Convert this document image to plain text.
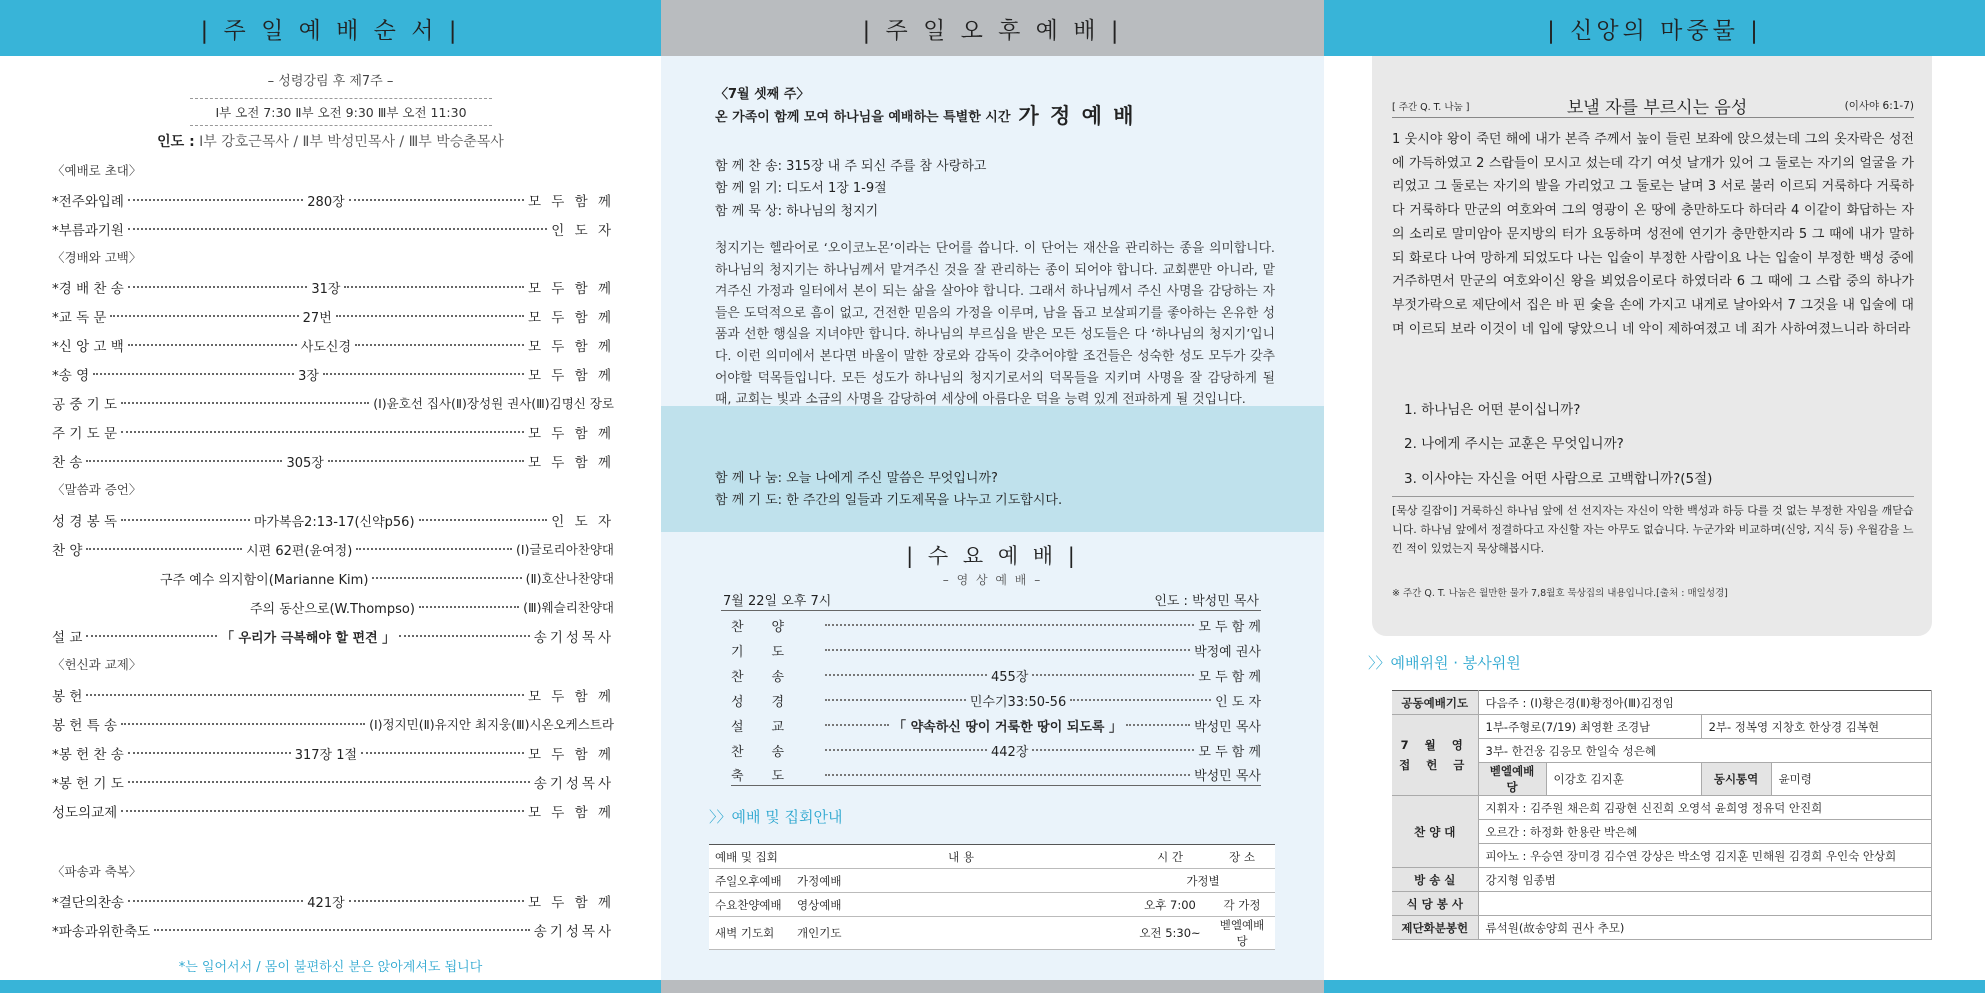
| 주 일 예 배 순 서 |
– 성령강림 후 제7주 –
Ⅰ부 오전 7:30 Ⅱ부 오전 9:30 Ⅲ부 오전 11:30
인도 : Ⅰ부 강호근목사 / Ⅱ부 박성민목사 / Ⅲ부 박승춘목사
〈예배로 초대〉
*전주와입례	280장	모 두 함 께
*부름과기원	인 도 자
〈경배와 고백〉
*경 배 찬 송	31장	모 두 함 께
*교 독 문	27번	모 두 함 께
*신 앙 고 백	사도신경	모 두 함 께
*송 영	3장	모 두 함 께
공 중 기 도	(Ⅰ)윤호선 집사(Ⅱ)장성원 권사(Ⅲ)김명신 장로
주 기 도 문	모 두 함 께
찬 송	305장	모 두 함 께
〈말씀과 증언〉
성 경 봉 독	마가복음2:13-17(신약p56)	인 도 자
찬 양	시편 62편(윤여정)	(Ⅰ)글로리아찬양대
구주 예수 의지함이(Marianne Kim)	(Ⅱ)호산나찬양대
주의 동산으로(W.Thompso)	(Ⅲ)웨슬리찬양대
설 교	「 우리가 극복해야 할 편견 」	송기성목사
〈헌신과 교제〉
봉 헌	모 두 함 께
봉 헌 특 송	(Ⅰ)정지민(Ⅱ)유지안 최지웅(Ⅲ)시온오케스트라
*봉 헌 찬 송	317장 1절	모 두 함 께
*봉 헌 기 도	송기성목사
성도의교제	모 두 함 께
〈파송과 축복〉
*결단의찬송	421장	모 두 함 께
*파송과위한축도	송기성목사
*는 일어서서 / 몸이 불편하신 분은 앉아계셔도 됩니다
| 주 일 오 후 예 배 |
〈7월 셋째 주〉
온 가족이 함께 모여 하나님을 예배하는 특별한 시간 가 정 예 배
함 께 찬 송: 315장 내 주 되신 주를 참 사랑하고
함 께 읽 기: 디도서 1장 1-9절
함 께 묵 상: 하나님의 청지기
청지기는 헬라어로 ‘오이코노몬’이라는 단어를 씁니다. 이 단어는 재산을 관리하는 종을 의미합니다. 하나님의 청지기는 하나님께서 맡겨주신 것을 잘 관리하는 종이 되어야 합니다. 교회뿐만 아니라, 맡겨주신 가정과 일터에서 본이 되는 삶을 살아야 합니다. 그래서 하나님께서 주신 사명을 감당하는 자들은 도덕적으로 흠이 없고, 건전한 믿음의 가정을 이루며, 남을 돕고 보살피기를 좋아하는 온유한 성품과 선한 행실을 지녀야만 합니다. 하나님의 부르심을 받은 모든 성도들은 다 ‘하나님의 청지기’입니다. 이런 의미에서 본다면 바울이 말한 장로와 감독이 갖추어야할 조건들은 성숙한 성도 모두가 갖추어야할 덕목들입니다. 모든 성도가 하나님의 청지기로서의 덕목들을 지키며 사명을 잘 감당하게 될 때, 교회는 빛과 소금의 사명을 감당하여 세상에 아름다운 덕을 능력 있게 전파하게 될 것입니다.
함 께 나 눔: 오늘 나에게 주신 말씀은 무엇입니까?
함 께 기 도: 한 주간의 일들과 기도제목을 나누고 기도합시다.
| 수 요 예 배 |
– 영 상 예 배 –
7월 22일 오후 7시	인도 : 박성민 목사
찬양	모 두 함 께
기도	박정예 권사
찬송	455장	모 두 함 께
성경	민수기33:50-56	인 도 자
설교	「 약속하신 땅이 거룩한 땅이 되도록 」	박성민 목사
찬송	442장	모 두 함 께
축도	박성민 목사
〉〉예배 및 집회안내
예배 및 집회	내 용	시 간	장 소
주일오후예배	가정예배	가정별	
수요찬양예배	영상예배	오후 7:00	각 가정
새벽 기도회	개인기도	오전 5:30~	벧엘예배당
| 신앙의 마중물 |
[ 주간 Q. T. 나눔 ]	보낼 자를 부르시는 음성	(이사야 6:1-7)
1 웃시야 왕이 죽던 해에 내가 본즉 주께서 높이 들린 보좌에 앉으셨는데 그의 옷자락은 성전에 가득하였고 2 스랍들이 모시고 섰는데 각기 여섯 날개가 있어 그 둘로는 자기의 얼굴을 가리었고 그 둘로는 자기의 발을 가리었고 그 둘로는 날며 3 서로 불러 이르되 거룩하다 거룩하다 거룩하다 만군의 여호와여 그의 영광이 온 땅에 충만하도다 하더라 4 이같이 화답하는 자의 소리로 말미암아 문지방의 터가 요동하며 성전에 연기가 충만한지라 5 그 때에 내가 말하되 화로다 나여 망하게 되었도다 나는 입술이 부정한 사람이요 나는 입술이 부정한 백성 중에 거주하면서 만군의 여호와이신 왕을 뵈었음이로다 하였더라 6 그 때에 그 스랍 중의 하나가 부젓가락으로 제단에서 집은 바 핀 숯을 손에 가지고 내게로 날아와서 7 그것을 내 입술에 대며 이르되 보라 이것이 네 입에 닿았으니 네 악이 제하여졌고 네 죄가 사하여졌느니라 하더라
1. 하나님은 어떤 분이십니까?
2. 나에게 주시는 교훈은 무엇입니까?
3. 이사야는 자신을 어떤 사람으로 고백합니까?(5절)
[묵상 길잡이] 거룩하신 하나님 앞에 선 선지자는 자신이 악한 백성과 하등 다를 것 없는 부정한 자임을 깨닫습니다. 하나님 앞에서 정결하다고 자신할 자는 아무도 없습니다. 누군가와 비교하며(신앙, 지식 등) 우월감을 느낀 적이 있었는지 묵상해봅시다.
※ 주간 Q. T. 나눔은 월만한 물가 7,8월호 묵상집의 내용입니다.[출처 : 매일성경]
〉〉예배위원 · 봉사위원
공동예배기도	다음주 : (Ⅰ)황은경(Ⅱ)황정아(Ⅲ)김정임			
7 월 영 접 헌 금	1부-주형로(7/19) 최영환 조경남		2부- 정복영 지창호 한상경 김복현	
	3부- 한건웅 김응모 한일숙 성은혜			
	벧엘예배당	이강호 김지훈	동시통역	윤미령
찬 양 대	지휘자 : 김주원 채은희 김광현 신진희 오영석 윤희영 정유덕 안진희			
	오르간 : 하정화 한용란 박은혜			
	피아노 : 우승연 장미경 김수연 강상은 박소영 김지훈 민해원 김경희 우인숙 안상희			
방 송 실	강지형 임종범			
식 당 봉 사				
제단화분봉헌	류석원(故송양희 권사 추모)			
